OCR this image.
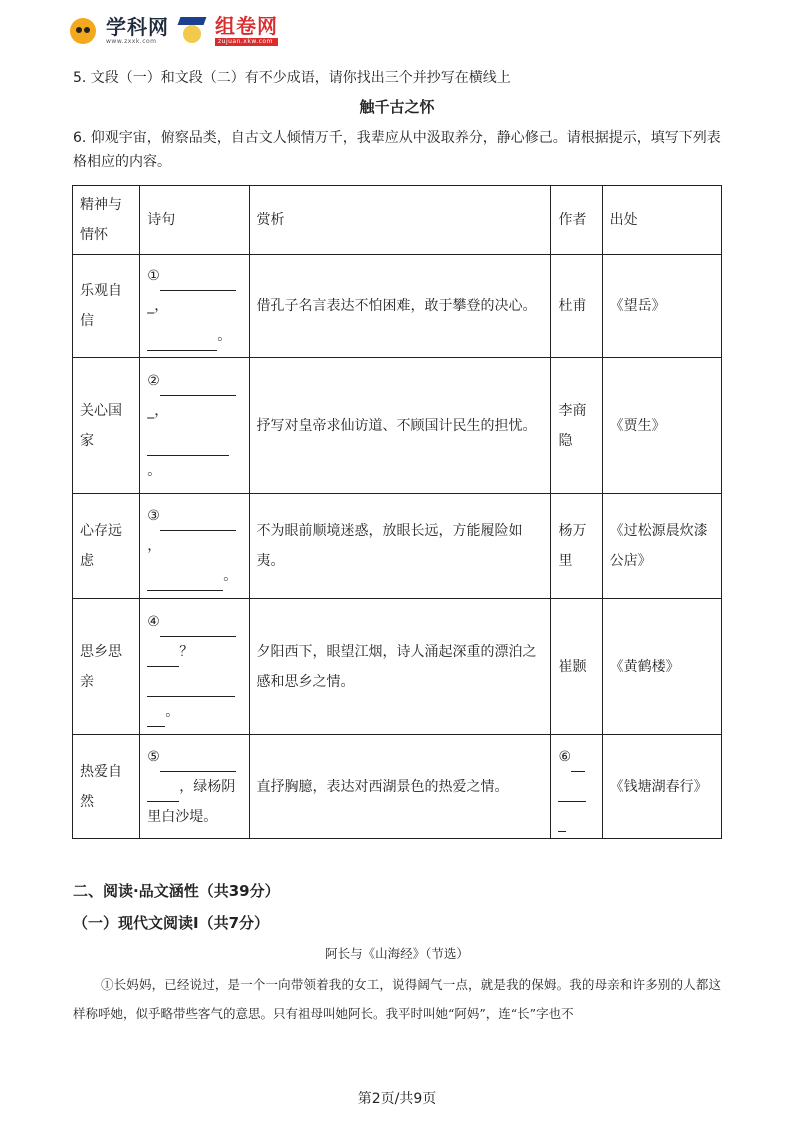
学科网
www.zxxk.com
组卷网
zujuan.xkw.com
5. 文段（一）和文段（二）有不少成语，请你找出三个并抄写在横线上
触千古之怀
6. 仰观宇宙，俯察品类，自古文人倾情万千，我辈应从中汲取养分，静心修己。请根据提示，填写下列表格相应的内容。
精神与情怀	诗句	赏析	作者	出处
乐观自信	①
_，
。	借孔子名言表达不怕困难，敢于攀登的决心。	杜甫	《望岳》
关心国家	②
_，

。	抒写对皇帝求仙访道、不顾国计民生的担忧。	李商隐	《贾生》
心存远虑	③
，
。	不为眼前顺境迷惑，放眼长远，方能履险如夷。	杨万里	《过松源晨炊漆公店》
思乡思亲	④
？

。	夕阳西下，眼望江烟，诗人涌起深重的漂泊之感和思乡之情。	崔颢	《黄鹤楼》
热爱自然	⑤
，绿杨阴里白沙堤。	直抒胸臆，表达对西湖景色的热爱之情。	⑥	《钱塘湖春行》
二、阅读·品文涵性（共39分）
（一）现代文阅读Ⅰ（共7分）
阿长与《山海经》（节选）
①长妈妈，已经说过，是一个一向带领着我的女工，说得阔气一点，就是我的保姆。我的母亲和许多别的人都这样称呼她，似乎略带些客气的意思。只有祖母叫她阿长。我平时叫她“阿妈”，连“长”字也不
第2页/共9页
